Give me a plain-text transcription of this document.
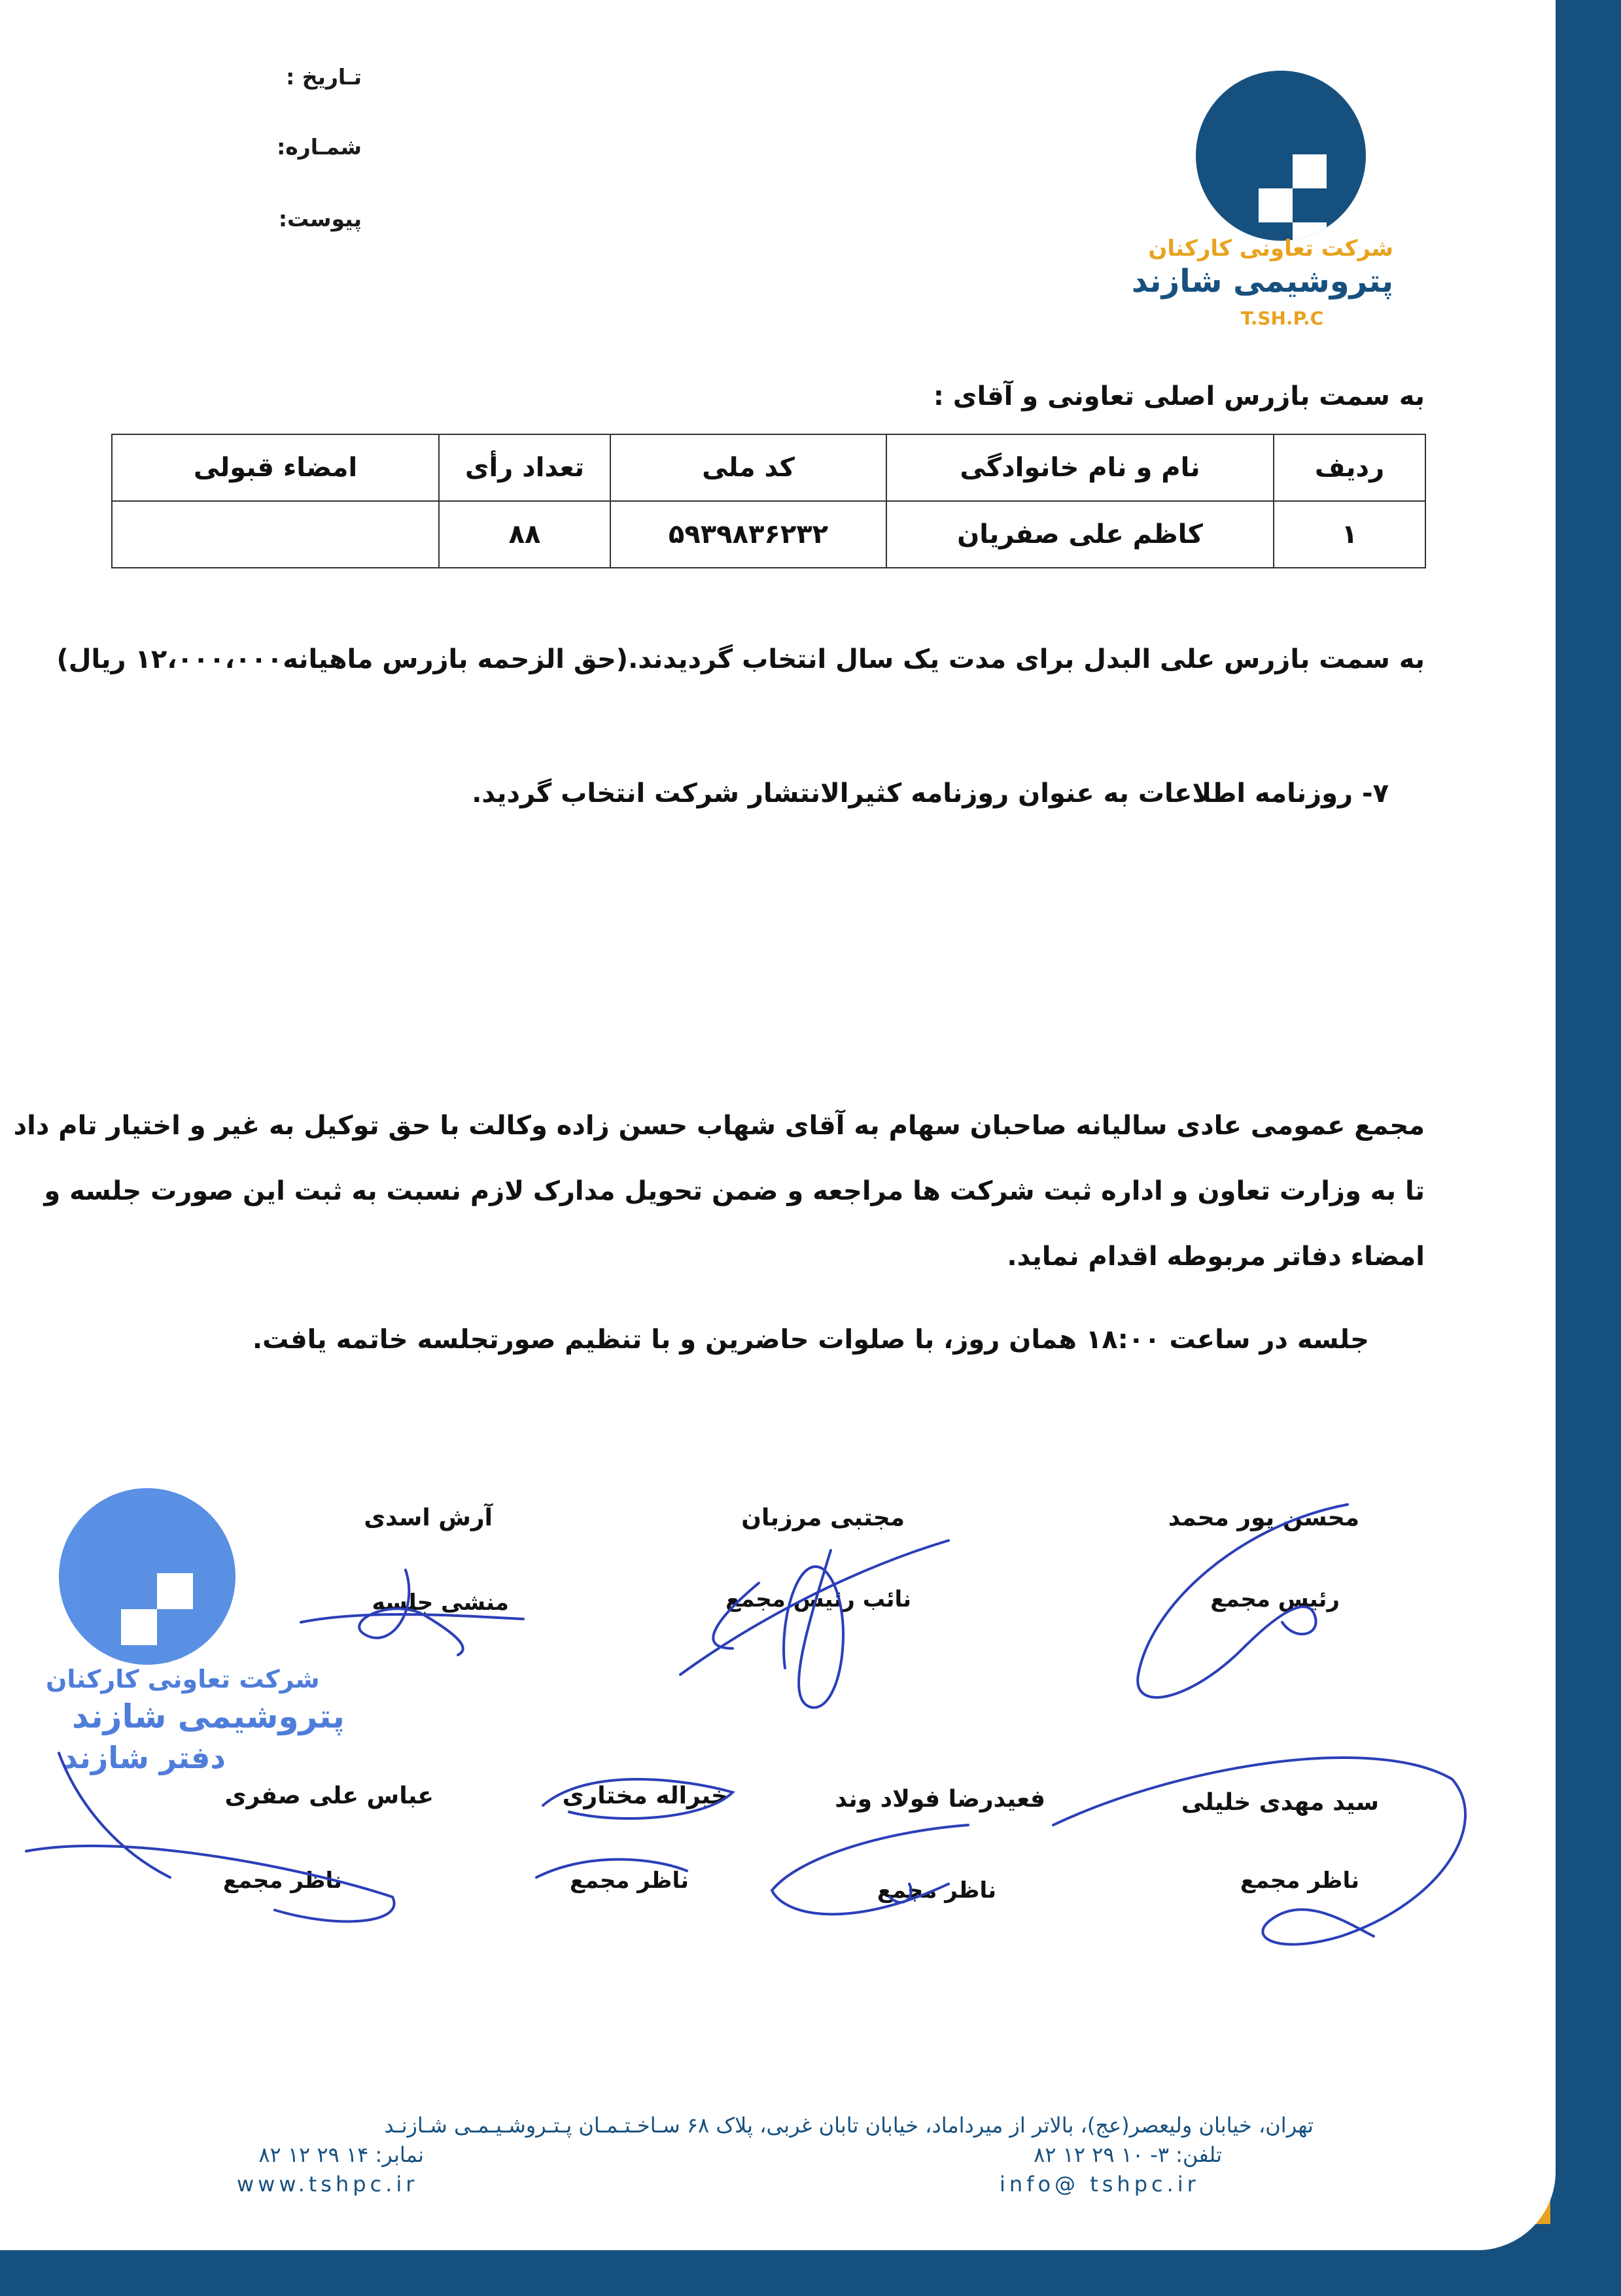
تـاریخ :
شمـاره:
پیوست:
شرکت تعاونی کارکنان
پتروشیمی شازند
T.SH.P.C
به سمت بازرس اصلی تعاونی و آقای :
ردیف	نام و نام خانوادگی	کد ملی	تعداد رأی	امضاء قبولی
۱	کاظم علی صفریان	۵۹۳۹۸۳۶۲۳۲	۸۸	
به سمت بازرس علی البدل برای مدت یک سال انتخاب گردیدند.(حق الزحمه بازرس ماهیانه۱۲،۰۰۰،۰۰۰ ریال)
۷- روزنامه اطلاعات به عنوان روزنامه کثیرالانتشار شرکت انتخاب گردید.
مجمع عمومی عادی سالیانه صاحبان سهام به آقای شهاب حسن زاده وکالت با حق توکیل به غیر و اختیار تام داد
تا به وزارت تعاون و اداره ثبت شرکت ها مراجعه و ضمن تحویل مدارک لازم نسبت به ثبت این صورت جلسه و
امضاء دفاتر مربوطه اقدام نماید.
جلسه در ساعت ۱۸:۰۰ همان روز، با صلوات حاضرین و با تنظیم صورتجلسه خاتمه یافت.
شرکت تعاونی کارکنان
پتروشیمی شازند
دفتر شازند
محسن پور محمد
رئیس مجمع
مجتبی مرزبان
نائب رئیس مجمع
آرش اسدی
منشی جلسه
سید مهدی خلیلی
ناظر مجمع
فعیدرضا فولاد وند
ناظر مجمع
خیراله مختاری
ناظر مجمع
عباس علی صفری
ناظر مجمع
تهران، خیابان ولیعصر(عج)، بالاتر از میرداماد، خیابان تابان غربی، پلاک ۶۸ سـاخـتـمـان پـتـروشـیـمـی شـازنـد
تلفن: ۳- ۱۰ ۲۹ ۱۲ ۸۲
نمابر: ۱۴ ۲۹ ۱۲ ۸۲
info@ tshpc.ir
www.tshpc.ir
